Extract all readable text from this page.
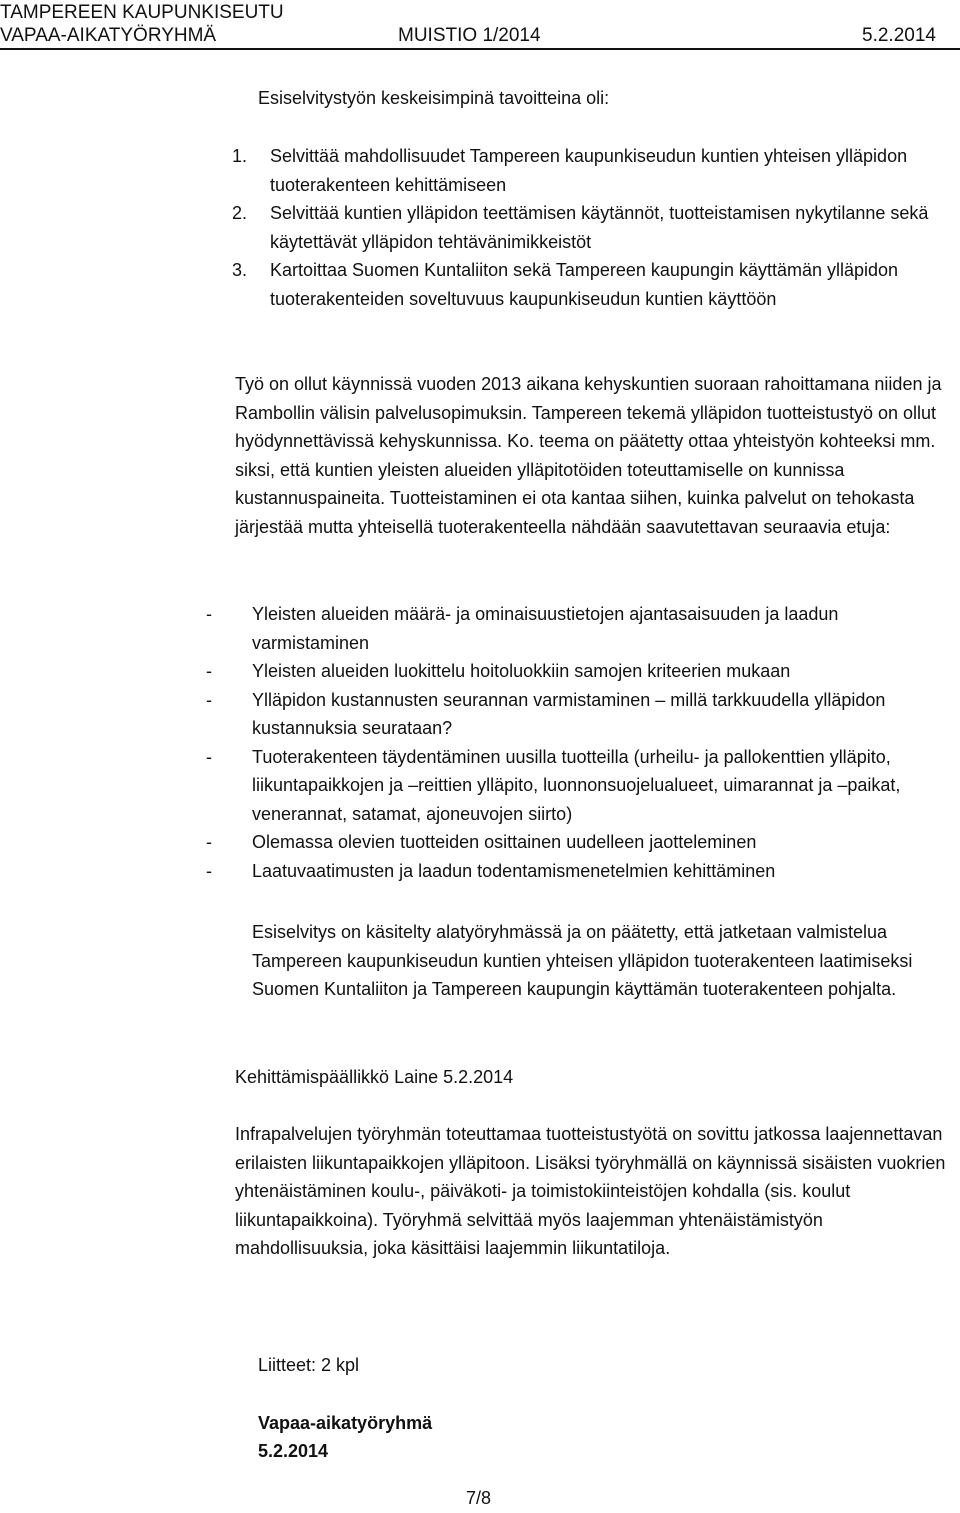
TAMPEREEN KAUPUNKISEUTU
VAPAA-AIKATYÖRYHMÄ	MUISTIO 1/2014	5.2.2014

Esiselvitystyön keskeisimpinä tavoitteina oli:

1. Selvittää mahdollisuudet Tampereen kaupunkiseudun kuntien yhteisen ylläpidon tuoterakenteen kehittämiseen
2. Selvittää kuntien ylläpidon teettämisen käytännöt, tuotteistamisen nykytilanne sekä käytettävät ylläpidon tehtävänimikkeistöt
3. Kartoittaa Suomen Kuntaliiton sekä Tampereen kaupungin käyttämän ylläpidon tuoterakenteiden soveltuvuus kaupunkiseudun kuntien käyttöön

Työ on ollut käynnissä vuoden 2013 aikana kehyskuntien suoraan rahoittamana niiden ja Rambollin välisin palvelusopimuksin. Tampereen tekemä ylläpidon tuotteistustyö on ollut hyödynnettävissä kehyskunnissa. Ko. teema on päätetty ottaa yhteistyön kohteeksi mm. siksi, että kuntien yleisten alueiden ylläpitotöiden toteuttamiselle on kunnissa kustannuspaineita. Tuotteistaminen ei ota kantaa siihen, kuinka palvelut on tehokasta järjestää mutta yhteisellä tuoterakenteella nähdään saavutettavan seuraavia etuja:

- Yleisten alueiden määrä- ja ominaisuustietojen ajantasaisuuden ja laadun varmistaminen
- Yleisten alueiden luokittelu hoitoluokkiin samojen kriteerien mukaan
- Ylläpidon kustannusten seurannan varmistaminen – millä tarkkuudella ylläpidon kustannuksia seurataan?
- Tuoterakenteen täydentäminen uusilla tuotteilla (urheilu- ja pallokenttien ylläpito, liikuntapaikkojen ja –reittien ylläpito, luonnonsuojelualueet, uimarannat ja –paikat, venerannat, satamat, ajoneuvojen siirto)
- Olemassa olevien tuotteiden osittainen uudelleen jaotteleminen
- Laatuvaatimusten ja laadun todentamismenetelmien kehittäminen

Esiselvitys on käsitelty alatyöryhmässä ja on päätetty, että jatketaan valmistelua Tampereen kaupunkiseudun kuntien yhteisen ylläpidon tuoterakenteen laatimiseksi Suomen Kuntaliiton ja Tampereen kaupungin käyttämän tuoterakenteen pohjalta.

Kehittämispäällikkö Laine 5.2.2014

Infrapalvelujen työryhmän toteuttamaa tuotteistustyötä on sovittu jatkossa laajennettavan erilaisten liikuntapaikkojen ylläpitoon. Lisäksi työryhmällä on käynnissä sisäisten vuokrien yhtenäistäminen koulu-, päiväkoti- ja toimistokiinteistöjen kohdalla (sis. koulut liikuntapaikkoina). Työryhmä selvittää myös laajemman yhtenäistämistyön mahdollisuuksia, joka käsittäisi laajemmin liikuntatiloja.

Liitteet: 2 kpl

Vapaa-aikatyöryhmä

5.2.2014

7/8
